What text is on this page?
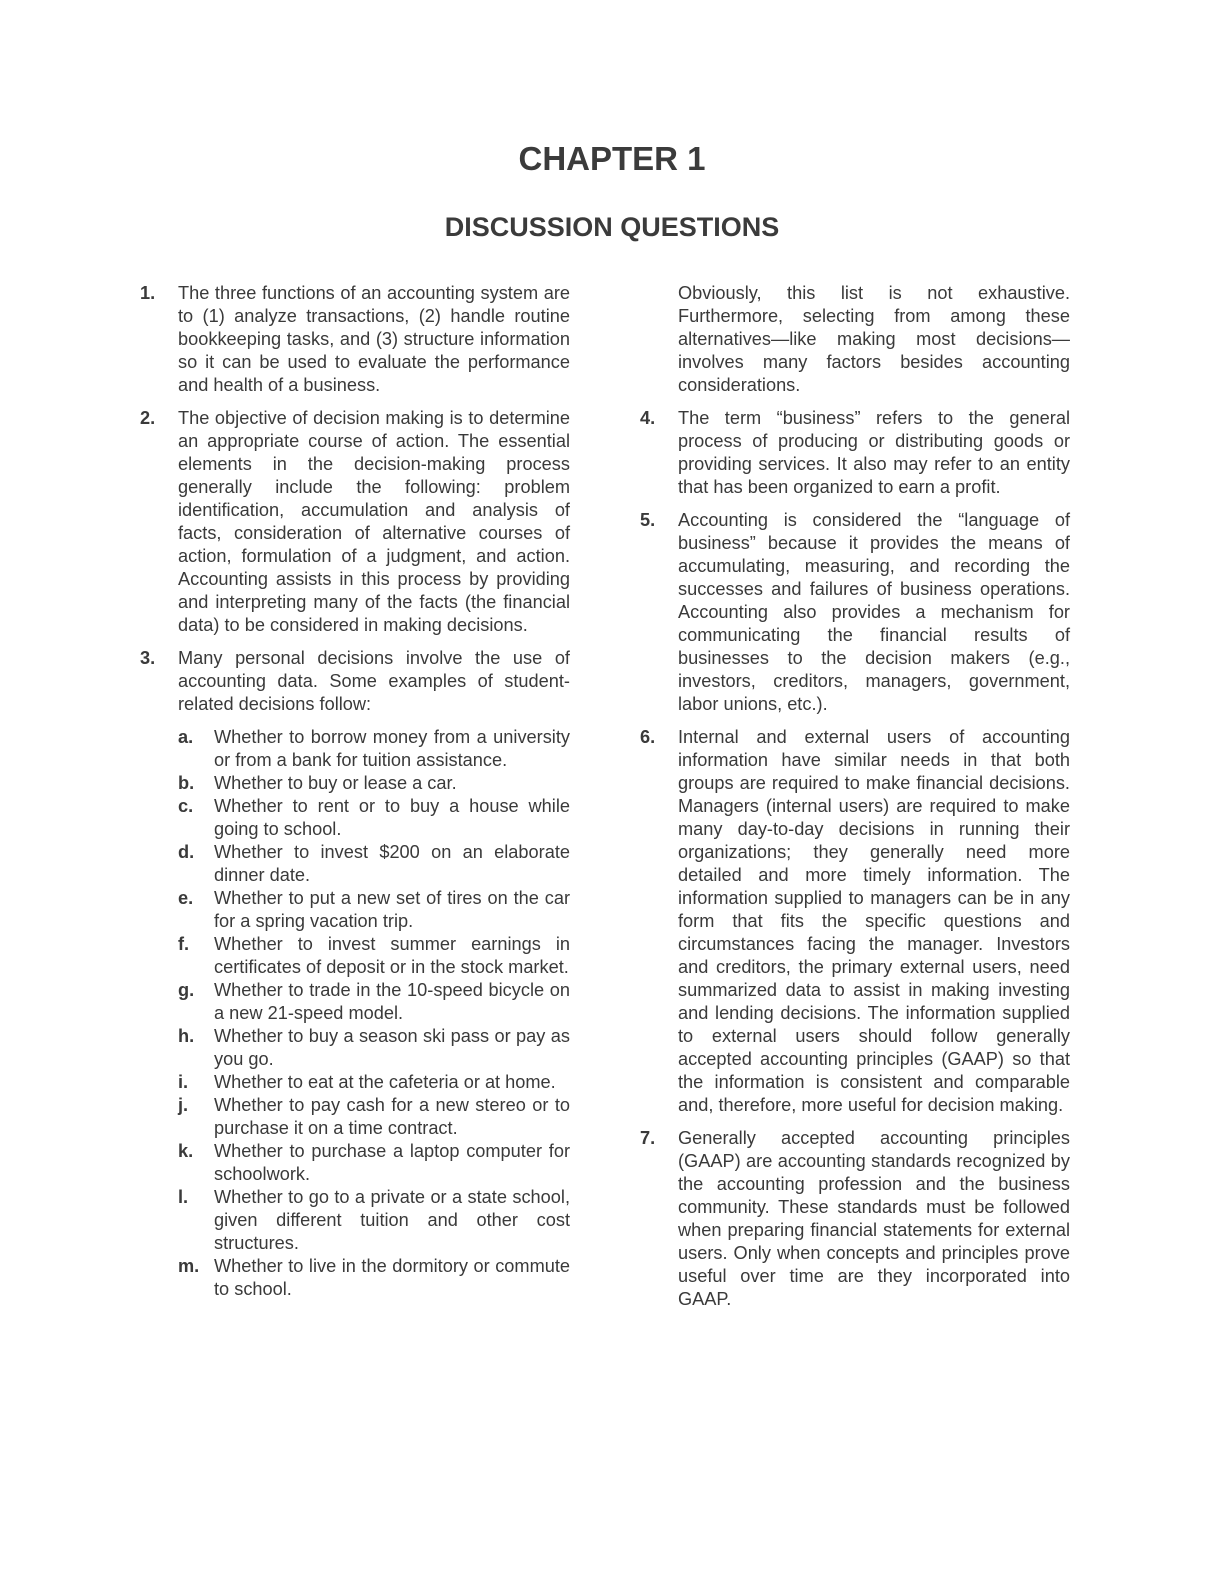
CHAPTER 1
DISCUSSION QUESTIONS
1. The three functions of an accounting system are to (1) analyze transactions, (2) handle routine bookkeeping tasks, and (3) structure information so it can be used to evaluate the performance and health of a business.

2. The objective of decision making is to determine an appropriate course of action. The essential elements in the decision-making process generally include the following: problem identification, accumulation and analysis of facts, consideration of alternative courses of action, formulation of a judgment, and action. Accounting assists in this process by providing and interpreting many of the facts (the financial data) to be considered in making decisions.

3. Many personal decisions involve the use of accounting data. Some examples of student-related decisions follow:

a. Whether to borrow money from a university or from a bank for tuition assistance.
b. Whether to buy or lease a car.
c. Whether to rent or to buy a house while going to school.
d. Whether to invest $200 on an elaborate dinner date.
e. Whether to put a new set of tires on the car for a spring vacation trip.
f. Whether to invest summer earnings in certificates of deposit or in the stock market.
g. Whether to trade in the 10-speed bicycle on a new 21-speed model.
h. Whether to buy a season ski pass or pay as you go.
i. Whether to eat at the cafeteria or at home.
j. Whether to pay cash for a new stereo or to purchase it on a time contract.
k. Whether to purchase a laptop computer for schoolwork.
l. Whether to go to a private or a state school, given different tuition and other cost structures.
m. Whether to live in the dormitory or commute to school.

Obviously, this list is not exhaustive. Furthermore, selecting from among these alternatives—like making most decisions—involves many factors besides accounting considerations.

4. The term “business” refers to the general process of producing or distributing goods or providing services. It also may refer to an entity that has been organized to earn a profit.

5. Accounting is considered the “language of business” because it provides the means of accumulating, measuring, and recording the successes and failures of business operations. Accounting also provides a mechanism for communicating the financial results of businesses to the decision makers (e.g., investors, creditors, managers, government, labor unions, etc.).

6. Internal and external users of accounting information have similar needs in that both groups are required to make financial decisions. Managers (internal users) are required to make many day-to-day decisions in running their organizations; they generally need more detailed and more timely information. The information supplied to managers can be in any form that fits the specific questions and circumstances facing the manager. Investors and creditors, the primary external users, need summarized data to assist in making investing and lending decisions. The information supplied to external users should follow generally accepted accounting principles (GAAP) so that the information is consistent and comparable and, therefore, more useful for decision making.

7. Generally accepted accounting principles (GAAP) are accounting standards recognized by the accounting profession and the business community. These standards must be followed when preparing financial statements for external users. Only when concepts and principles prove useful over time are they incorporated into GAAP.
